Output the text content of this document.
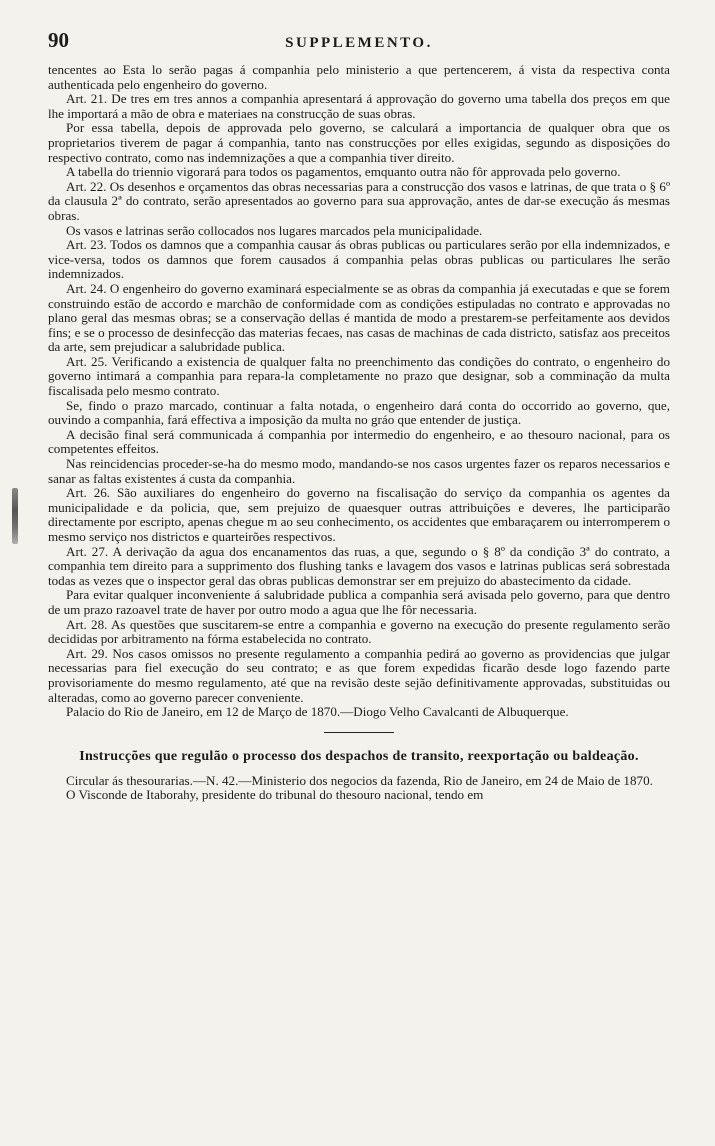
90	SUPPLEMENTO.

tencentes ao Esta lo serão pagas á companhia pelo ministerio a que pertencerem, á vista da respectiva conta authenticada pelo engenheiro do governo.

Art. 21. De tres em tres annos a companhia apresentará á approvação do governo uma tabella dos preços em que lhe importará a mão de obra e materiaes na construcção de suas obras.

Por essa tabella, depois de approvada pelo governo, se calculará a importancia de qualquer obra que os proprietarios tiverem de pagar á companhia, tanto nas construcções por elles exigidas, segundo as disposições do respectivo contrato, como nas indemnizações a que a companhia tiver direito.

A tabella do triennio vigorará para todos os pagamentos, emquanto outra não fôr approvada pelo governo.

Art. 22. Os desenhos e orçamentos das obras necessarias para a construcção dos vasos e latrinas, de que trata o § 6º da clausula 2ª do contrato, serão apresentados ao governo para sua approvação, antes de dar-se execução ás mesmas obras.

Os vasos e latrinas serão collocados nos lugares marcados pela municipalidade.

Art. 23. Todos os damnos que a companhia causar ás obras publicas ou particulares serão por ella indemnizados, e vice-versa, todos os damnos que forem causados á companhia pelas obras publicas ou particulares lhe serão indemnizados.

Art. 24. O engenheiro do governo examinará especialmente se as obras da companhia já executadas e que se forem construindo estão de accordo e marchão de conformidade com as condições estipuladas no contrato e approvadas no plano geral das mesmas obras; se a conservação dellas é mantida de modo a prestarem-se perfeitamente aos devidos fins; e se o processo de desinfecção das materias fecaes, nas casas de machinas de cada districto, satisfaz aos preceitos da arte, sem prejudicar a salubridade publica.

Art. 25. Verificando a existencia de qualquer falta no preenchimento das condições do contrato, o engenheiro do governo intimará a companhia para repara-la completamente no prazo que designar, sob a comminação da multa fiscalisada pelo mesmo contrato.

Se, findo o prazo marcado, continuar a falta notada, o engenheiro dará conta do occorrido ao governo, que, ouvindo a companhia, fará effectiva a imposição da multa no gráo que entender de justiça.

A decisão final será communicada á companhia por intermedio do engenheiro, e ao thesouro nacional, para os competentes effeitos.

Nas reincidencias proceder-se-ha do mesmo modo, mandando-se nos casos urgentes fazer os reparos necessarios e sanar as faltas existentes á custa da companhia.

Art. 26. São auxiliares do engenheiro do governo na fiscalisação do serviço da companhia os agentes da municipalidade e da policia, que, sem prejuizo de quaesquer outras attribuições e deveres, lhe participarão directamente por escripto, apenas chegue m ao seu conhecimento, os accidentes que embaraçarem ou interromperem o mesmo serviço nos districtos e quarteirões respectivos.

Art. 27. A derivação da agua dos encanamentos das ruas, a que, segundo o § 8º da condição 3ª do contrato, a companhia tem direito para a supprimento dos flushing tanks e lavagem dos vasos e latrinas publicas será sobrestada todas as vezes que o inspector geral das obras publicas demonstrar ser em prejuizo do abastecimento da cidade.

Para evitar qualquer inconveniente á salubridade publica a companhia será avisada pelo governo, para que dentro de um prazo razoavel trate de haver por outro modo a agua que lhe fôr necessaria.

Art. 28. As questões que suscitarem-se entre a companhia e governo na execução do presente regulamento serão decididas por arbitramento na fórma estabelecida no contrato.

Art. 29. Nos casos omissos no presente regulamento a companhia pedirá ao governo as providencias que julgar necessarias para fiel execução do seu contrato; e as que forem expedidas ficarão desde logo fazendo parte provisoriamente do mesmo regulamento, até que na revisão deste sejão definitivamente approvadas, substituidas ou alteradas, como ao governo parecer conveniente.

Palacio do Rio de Janeiro, em 12 de Março de 1870.—Diogo Velho Cavalcanti de Albuquerque.

Instrucções que regulão o processo dos despachos de transito, reexportação ou baldeação.

Circular ás thesourarias.—N. 42.—Ministerio dos negocios da fazenda, Rio de Janeiro, em 24 de Maio de 1870.

O Visconde de Itaborahy, presidente do tribunal do thesouro nacional, tendo em
